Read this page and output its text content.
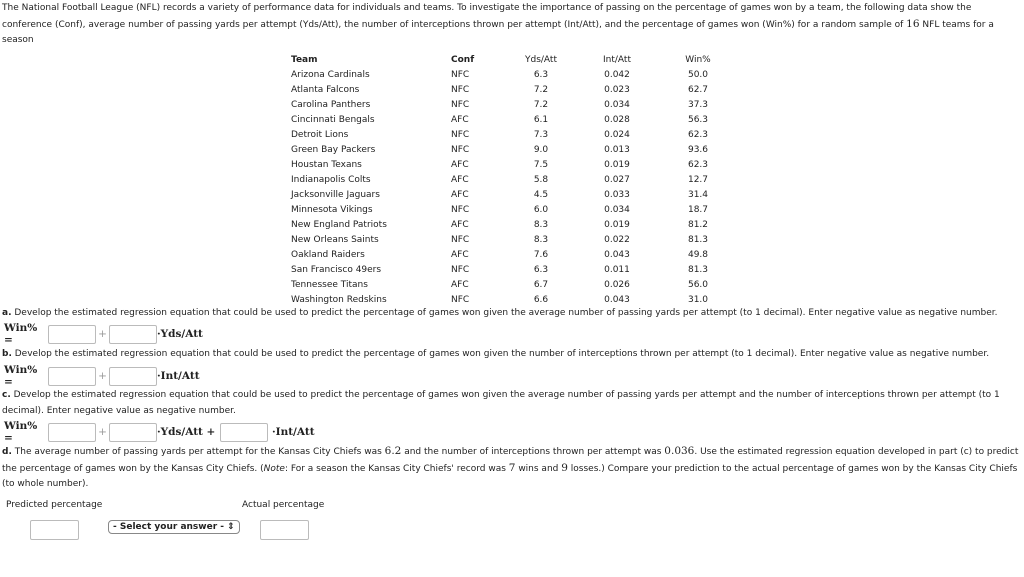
The National Football League (NFL) records a variety of performance data for individuals and teams. To investigate the importance of passing on the percentage of games won by a team, the following data show the conference (Conf), average number of passing yards per attempt (Yds/Att), the number of interceptions thrown per attempt (Int/Att), and the percentage of games won (Win%) for a random sample of 16 NFL teams for a season
Team	Conf	Yds/Att	Int/Att	Win%
Arizona Cardinals	NFC	6.3	0.042	50.0
Atlanta Falcons	NFC	7.2	0.023	62.7
Carolina Panthers	NFC	7.2	0.034	37.3
Cincinnati Bengals	AFC	6.1	0.028	56.3
Detroit Lions	NFC	7.3	0.024	62.3
Green Bay Packers	NFC	9.0	0.013	93.6
Houstan Texans	AFC	7.5	0.019	62.3
Indianapolis Colts	AFC	5.8	0.027	12.7
Jacksonville Jaguars	AFC	4.5	0.033	31.4
Minnesota Vikings	NFC	6.0	0.034	18.7
New England Patriots	AFC	8.3	0.019	81.2
New Orleans Saints	NFC	8.3	0.022	81.3
Oakland Raiders	AFC	7.6	0.043	49.8
San Francisco 49ers	NFC	6.3	0.011	81.3
Tennessee Titans	AFC	6.7	0.026	56.0
Washington Redskins	NFC	6.6	0.043	31.0
a. Develop the estimated regression equation that could be used to predict the percentage of games won given the average number of passing yards per attempt (to 1 decimal). Enter negative value as negative number.
Win% =	+	·Yds/Att
b. Develop the estimated regression equation that could be used to predict the percentage of games won given the number of interceptions thrown per attempt (to 1 decimal). Enter negative value as negative number.
Win% =	+	·Int/Att
c. Develop the estimated regression equation that could be used to predict the percentage of games won given the average number of passing yards per attempt and the number of interceptions thrown per attempt (to 1 decimal). Enter negative value as negative number.
Win% =	+	·Yds/Att +	·Int/Att
d. The average number of passing yards per attempt for the Kansas City Chiefs was 6.2 and the number of interceptions thrown per attempt was 0.036. Use the estimated regression equation developed in part (c) to predict the percentage of games won by the Kansas City Chiefs. (Note: For a season the Kansas City Chiefs' record was 7 wins and 9 losses.) Compare your prediction to the actual percentage of games won by the Kansas City Chiefs (to whole number).
Predicted percentage	Actual percentage
- Select your answer - ⇕
